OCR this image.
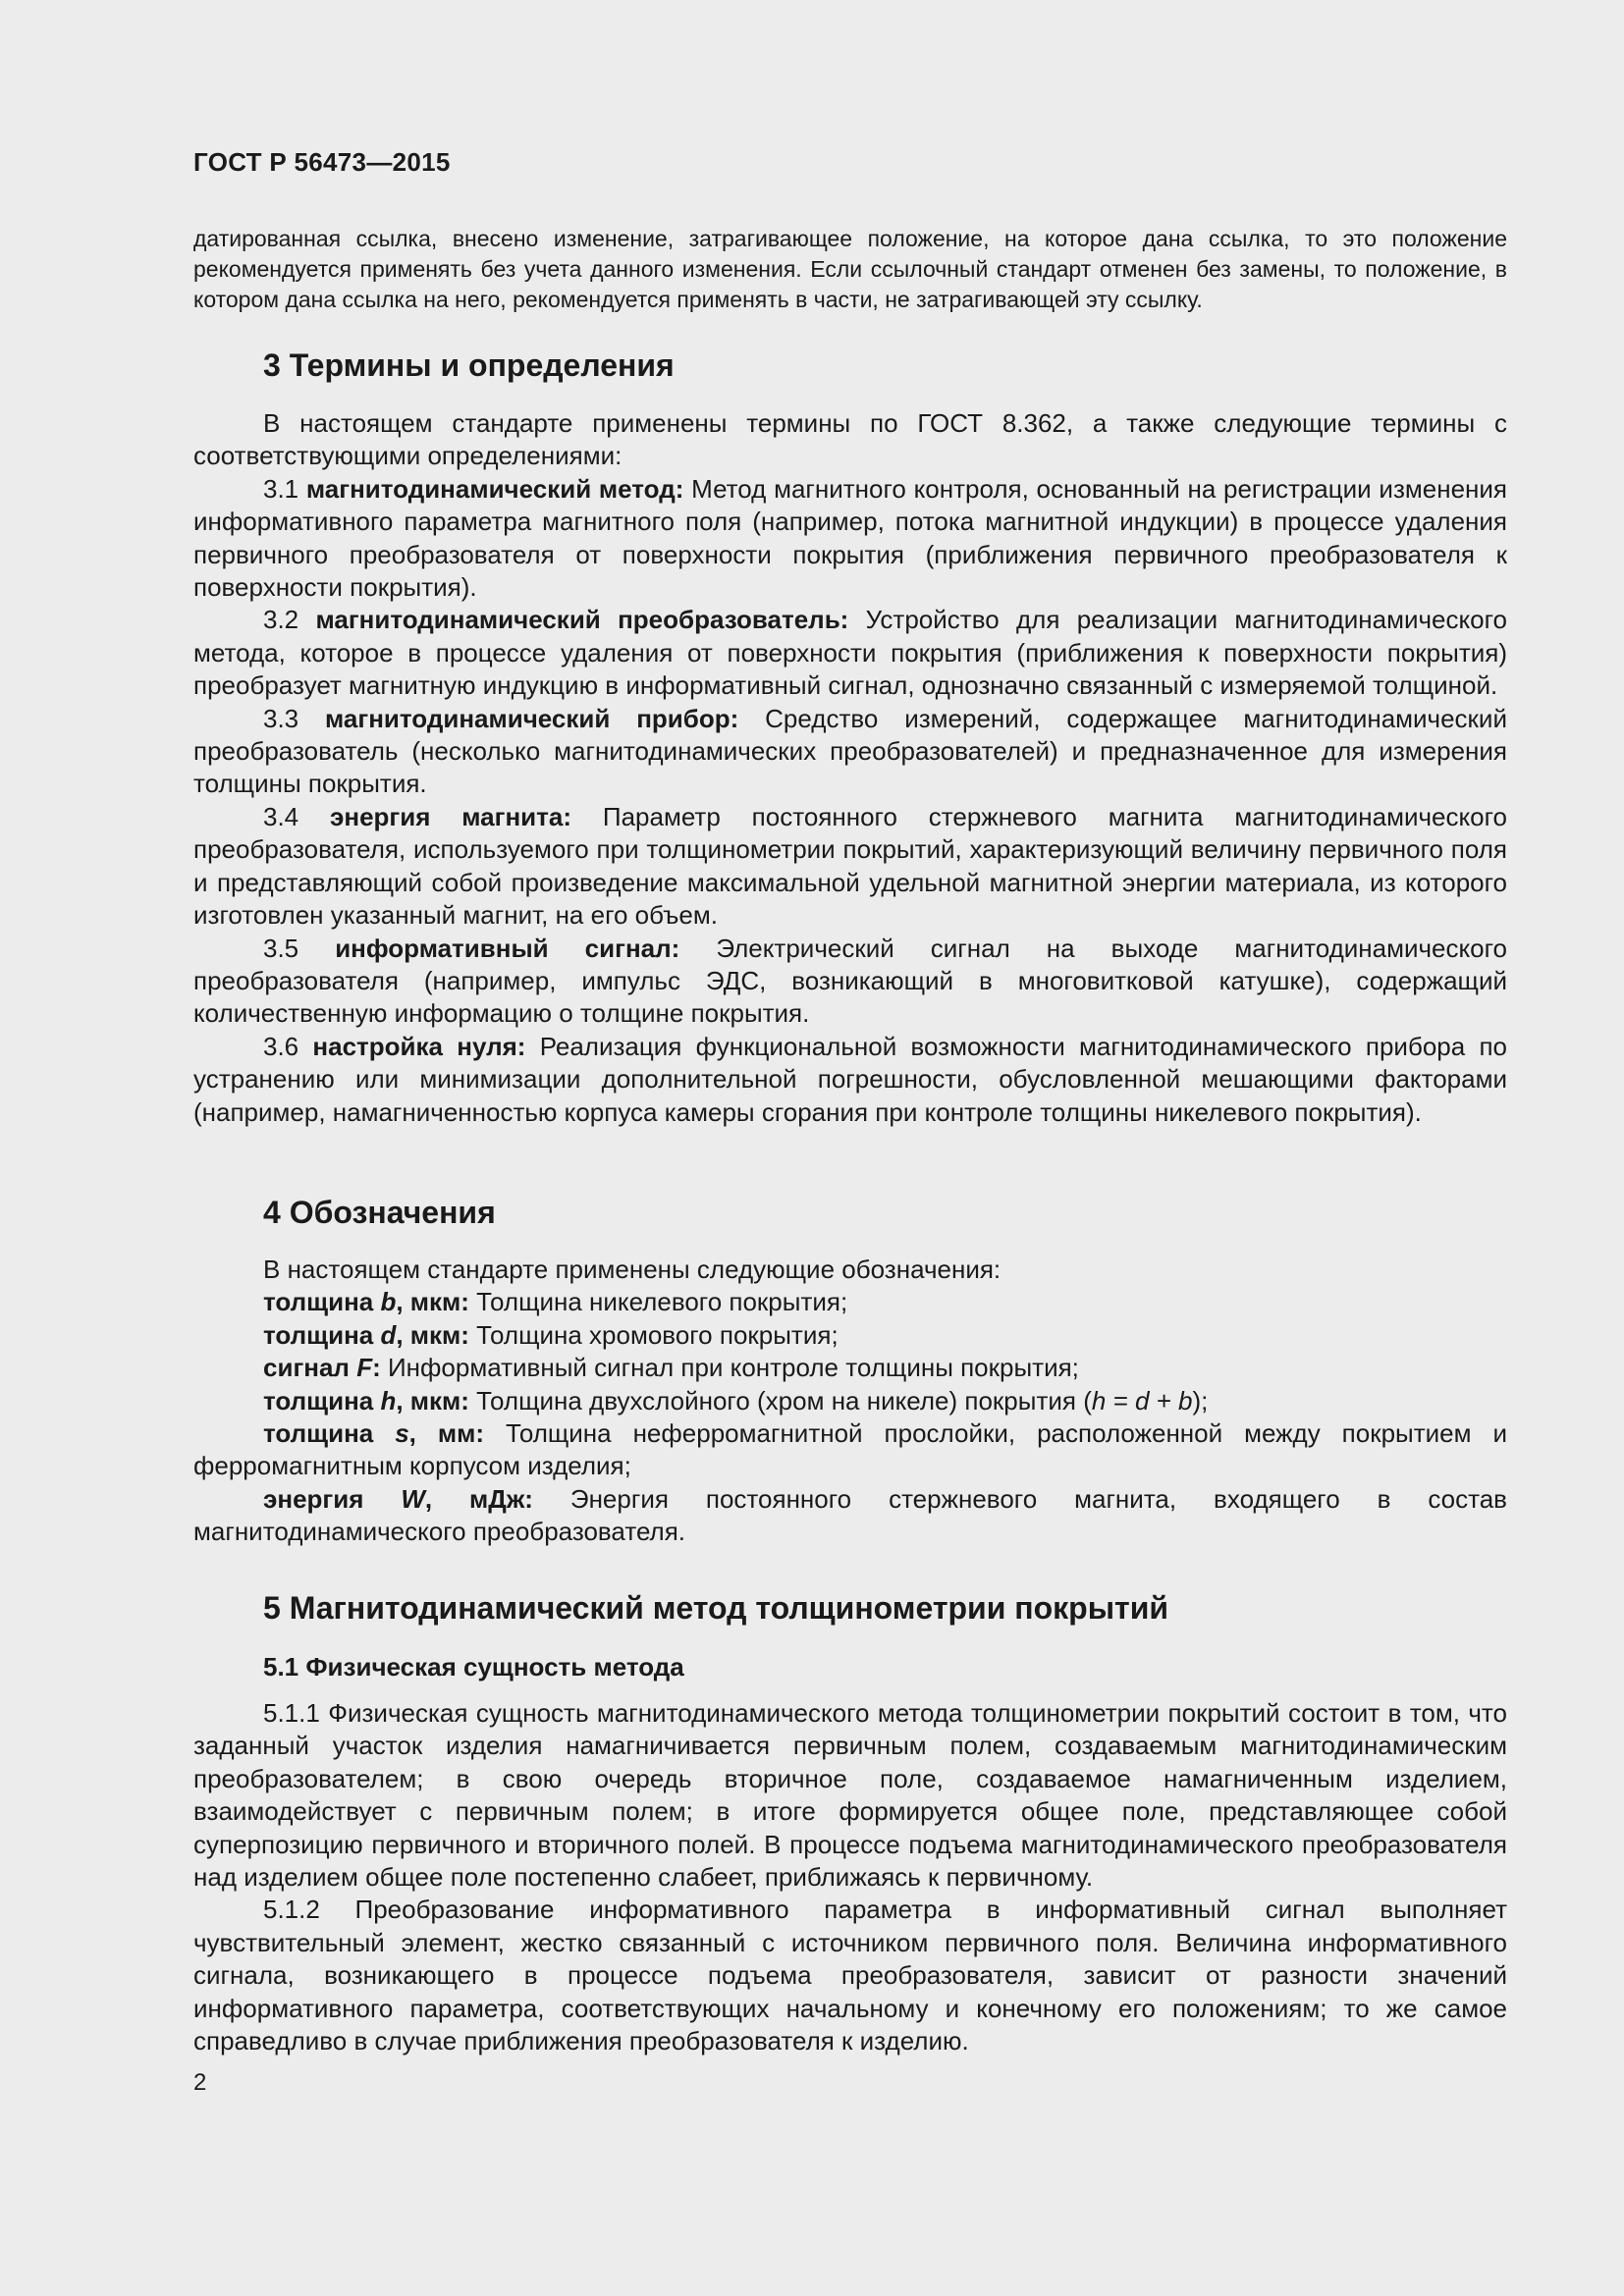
ГОСТ Р 56473—2015

датированная ссылка, внесено изменение, затрагивающее положение, на которое дана ссылка, то это положение рекомендуется применять без учета данного изменения. Если ссылочный стандарт отменен без замены, то положение, в котором дана ссылка на него, рекомендуется применять в части, не затрагивающей эту ссылку.

3 Термины и определения

В настоящем стандарте применены термины по ГОСТ 8.362, а также следующие термины с соответствующими определениями:

3.1 магнитодинамический метод: Метод магнитного контроля, основанный на регистрации изменения информативного параметра магнитного поля (например, потока магнитной индукции) в процессе удаления первичного преобразователя от поверхности покрытия (приближения первичного преобразователя к поверхности покрытия).

3.2 магнитодинамический преобразователь: Устройство для реализации магнитодинамического метода, которое в процессе удаления от поверхности покрытия (приближения к поверхности покрытия) преобразует магнитную индукцию в информативный сигнал, однозначно связанный с измеряемой толщиной.

3.3 магнитодинамический прибор: Средство измерений, содержащее магнитодинамический преобразователь (несколько магнитодинамических преобразователей) и предназначенное для измерения толщины покрытия.

3.4 энергия магнита: Параметр постоянного стержневого магнита магнитодинамического преобразователя, используемого при толщинометрии покрытий, характеризующий величину первичного поля и представляющий собой произведение максимальной удельной магнитной энергии материала, из которого изготовлен указанный магнит, на его объем.

3.5 информативный сигнал: Электрический сигнал на выходе магнитодинамического преобразователя (например, импульс ЭДС, возникающий в многовитковой катушке), содержащий количественную информацию о толщине покрытия.

3.6 настройка нуля: Реализация функциональной возможности магнитодинамического прибора по устранению или минимизации дополнительной погрешности, обусловленной мешающими факторами (например, намагниченностью корпуса камеры сгорания при контроле толщины никелевого покрытия).

4 Обозначения

В настоящем стандарте применены следующие обозначения:

толщина b, мкм: Толщина никелевого покрытия;

толщина d, мкм: Толщина хромового покрытия;

сигнал F: Информативный сигнал при контроле толщины покрытия;

толщина h, мкм: Толщина двухслойного (хром на никеле) покрытия (h = d + b);

толщина s, мм: Толщина неферромагнитной прослойки, расположенной между покрытием и ферромагнитным корпусом изделия;

энергия W, мДж: Энергия постоянного стержневого магнита, входящего в состав магнитодинамического преобразователя.

5 Магнитодинамический метод толщинометрии покрытий
5.1 Физическая сущность метода

5.1.1 Физическая сущность магнитодинамического метода толщинометрии покрытий состоит в том, что заданный участок изделия намагничивается первичным полем, создаваемым магнитодинамическим преобразователем; в свою очередь вторичное поле, создаваемое намагниченным изделием, взаимодействует с первичным полем; в итоге формируется общее поле, представляющее собой суперпозицию первичного и вторичного полей. В процессе подъема магнитодинамического преобразователя над изделием общее поле постепенно слабеет, приближаясь к первичному.

5.1.2 Преобразование информативного параметра в информативный сигнал выполняет чувствительный элемент, жестко связанный с источником первичного поля. Величина информативного сигнала, возникающего в процессе подъема преобразователя, зависит от разности значений информативного параметра, соответствующих начальному и конечному его положениям; то же самое справедливо в случае приближения преобразователя к изделию.

2
